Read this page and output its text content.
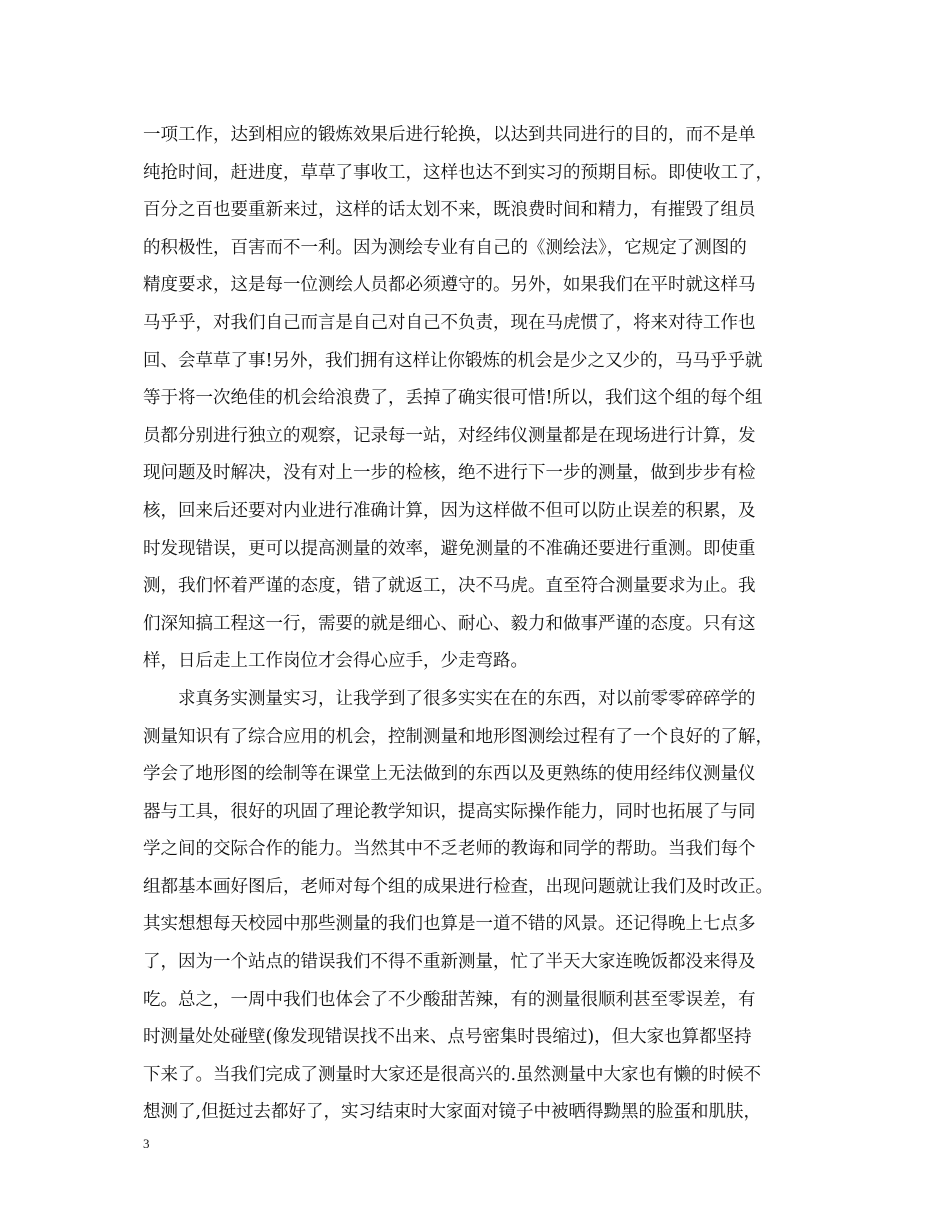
一项工作，达到相应的锻炼效果后进行轮换，以达到共同进行的目的，而不是单
纯抢时间，赶进度，草草了事收工，这样也达不到实习的预期目标。即使收工了，
百分之百也要重新来过，这样的话太划不来，既浪费时间和精力，有摧毁了组员
的积极性，百害而不一利。因为测绘专业有自己的《测绘法》，它规定了测图的
精度要求，这是每一位测绘人员都必须遵守的。另外，如果我们在平时就这样马
马乎乎，对我们自己而言是自己对自己不负责，现在马虎惯了，将来对待工作也
回、会草草了事!另外，我们拥有这样让你锻炼的机会是少之又少的，马马乎乎就
等于将一次绝佳的机会给浪费了，丢掉了确实很可惜!所以，我们这个组的每个组
员都分别进行独立的观察，记录每一站，对经纬仪测量都是在现场进行计算，发
现问题及时解决，没有对上一步的检核，绝不进行下一步的测量，做到步步有检
核，回来后还要对内业进行准确计算，因为这样做不但可以防止误差的积累，及
时发现错误，更可以提高测量的效率，避免测量的不准确还要进行重测。即使重
测，我们怀着严谨的态度，错了就返工，决不马虎。直至符合测量要求为止。我
们深知搞工程这一行，需要的就是细心、耐心、毅力和做事严谨的态度。只有这
样，日后走上工作岗位才会得心应手，少走弯路。
求真务实测量实习，让我学到了很多实实在在的东西，对以前零零碎碎学的
测量知识有了综合应用的机会，控制测量和地形图测绘过程有了一个良好的了解，
学会了地形图的绘制等在课堂上无法做到的东西以及更熟练的使用经纬仪测量仪
器与工具，很好的巩固了理论教学知识，提高实际操作能力，同时也拓展了与同
学之间的交际合作的能力。当然其中不乏老师的教诲和同学的帮助。当我们每个
组都基本画好图后，老师对每个组的成果进行检查，出现问题就让我们及时改正。
其实想想每天校园中那些测量的我们也算是一道不错的风景。还记得晚上七点多
了，因为一个站点的错误我们不得不重新测量，忙了半天大家连晚饭都没来得及
吃。总之，一周中我们也体会了不少酸甜苦辣，有的测量很顺利甚至零误差，有
时测量处处碰壁(像发现错误找不出来、点号密集时畏缩过)，但大家也算都坚持
下来了。当我们完成了测量时大家还是很高兴的.虽然测量中大家也有懒的时候不
想测了,但挺过去都好了，实习结束时大家面对镜子中被晒得黝黑的脸蛋和肌肤，
3
